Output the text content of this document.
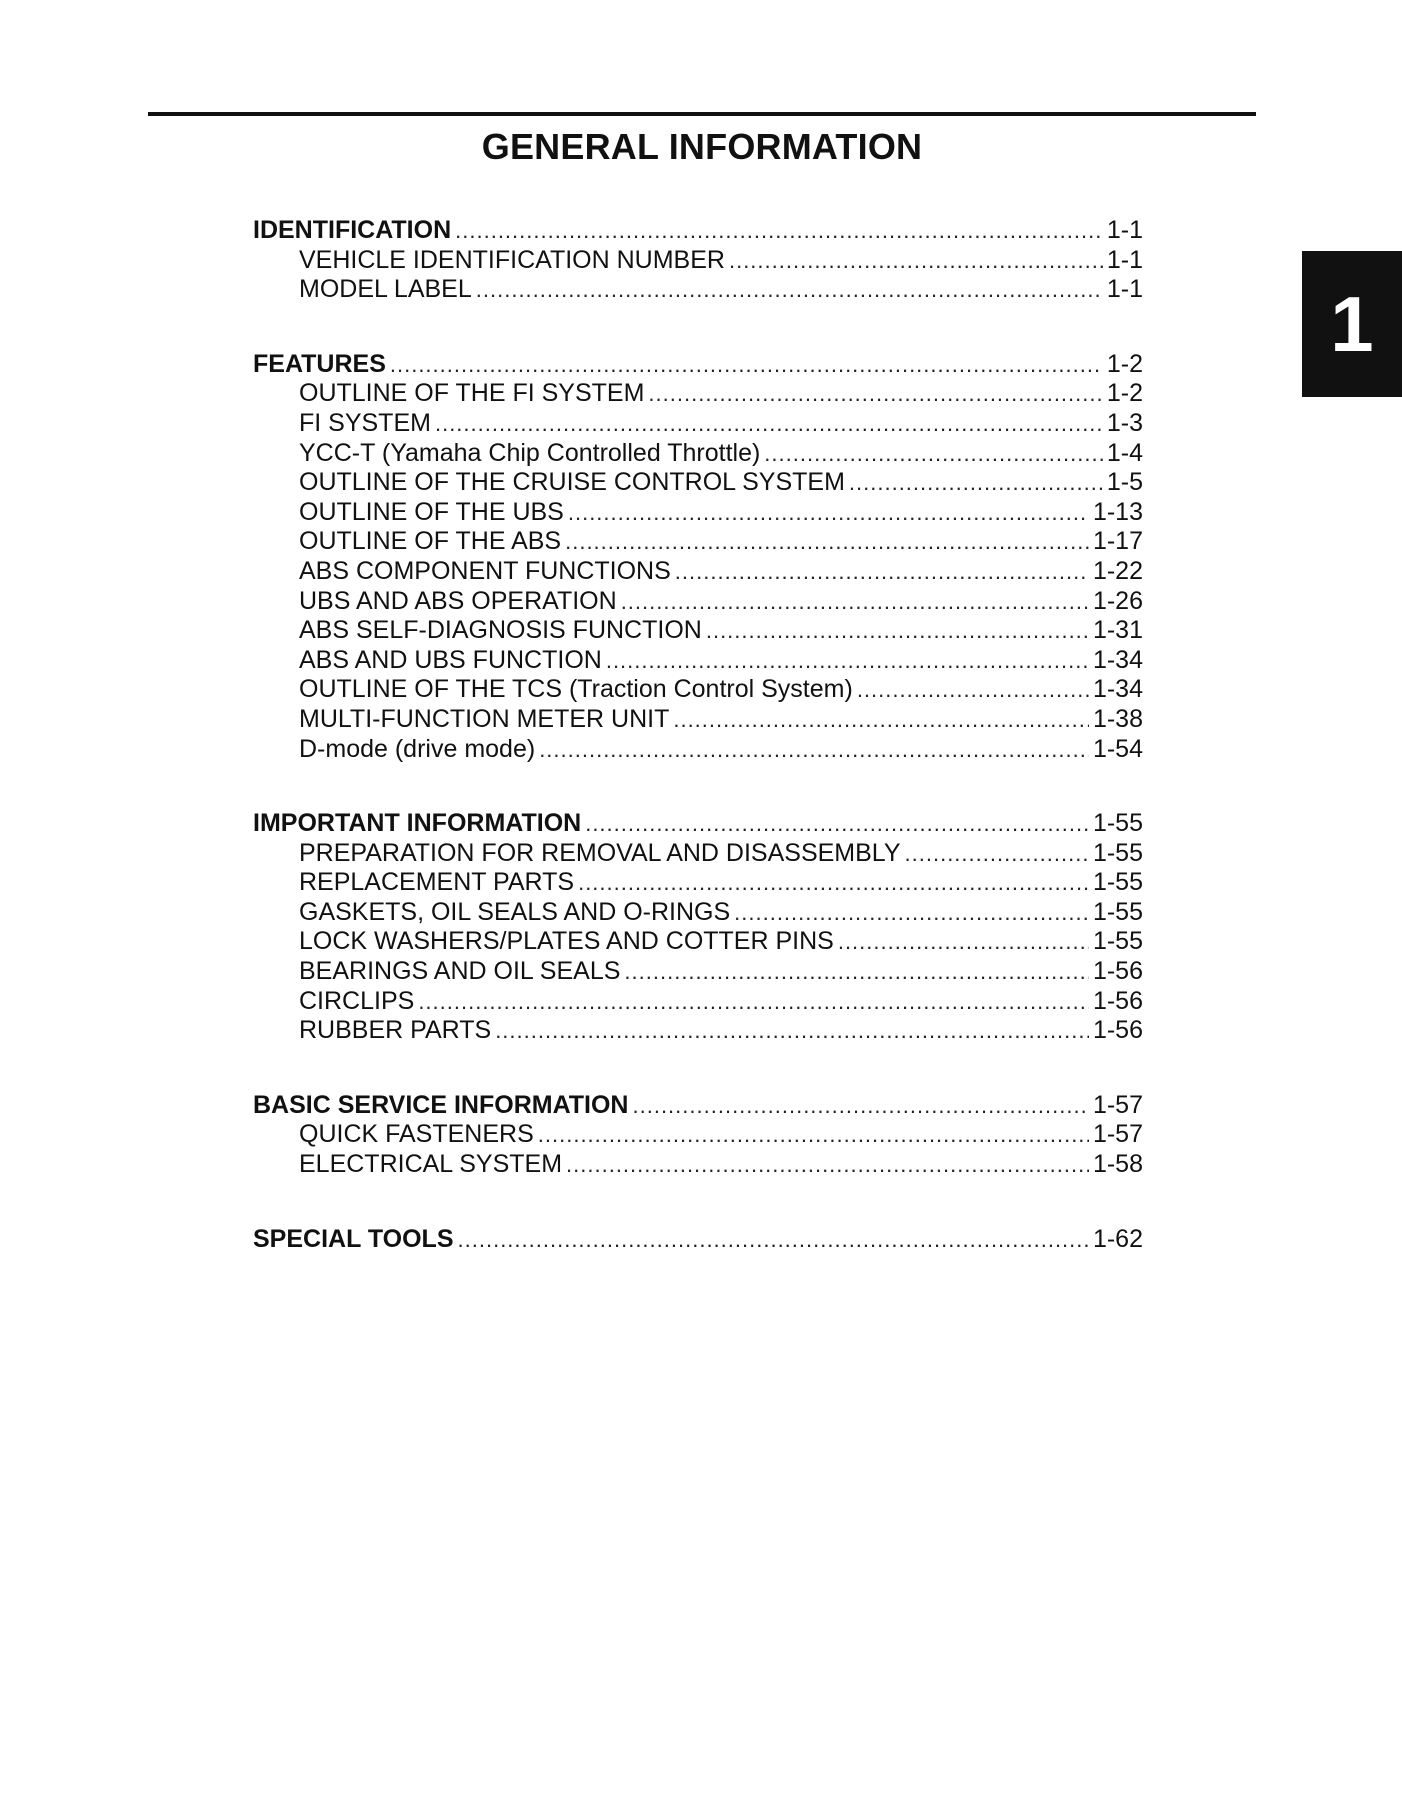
GENERAL INFORMATION
1
IDENTIFICATION .....	1-1
VEHICLE IDENTIFICATION NUMBER .....	1-1
MODEL LABEL .....	1-1
FEATURES .....	1-2
OUTLINE OF THE FI SYSTEM .....	1-2
FI SYSTEM .....	1-3
YCC-T (Yamaha Chip Controlled Throttle) .....	1-4
OUTLINE OF THE CRUISE CONTROL SYSTEM .....	1-5
OUTLINE OF THE UBS .....	1-13
OUTLINE OF THE ABS .....	1-17
ABS COMPONENT FUNCTIONS .....	1-22
UBS AND ABS OPERATION .....	1-26
ABS SELF-DIAGNOSIS FUNCTION .....	1-31
ABS AND UBS FUNCTION .....	1-34
OUTLINE OF THE TCS (Traction Control System) .....	1-34
MULTI-FUNCTION METER UNIT .....	1-38
D-mode (drive mode) .....	1-54
IMPORTANT INFORMATION .....	1-55
PREPARATION FOR REMOVAL AND DISASSEMBLY .....	1-55
REPLACEMENT PARTS .....	1-55
GASKETS, OIL SEALS AND O-RINGS .....	1-55
LOCK WASHERS/PLATES AND COTTER PINS .....	1-55
BEARINGS AND OIL SEALS .....	1-56
CIRCLIPS .....	1-56
RUBBER PARTS .....	1-56
BASIC SERVICE INFORMATION .....	1-57
QUICK FASTENERS .....	1-57
ELECTRICAL SYSTEM .....	1-58
SPECIAL TOOLS .....	1-62
